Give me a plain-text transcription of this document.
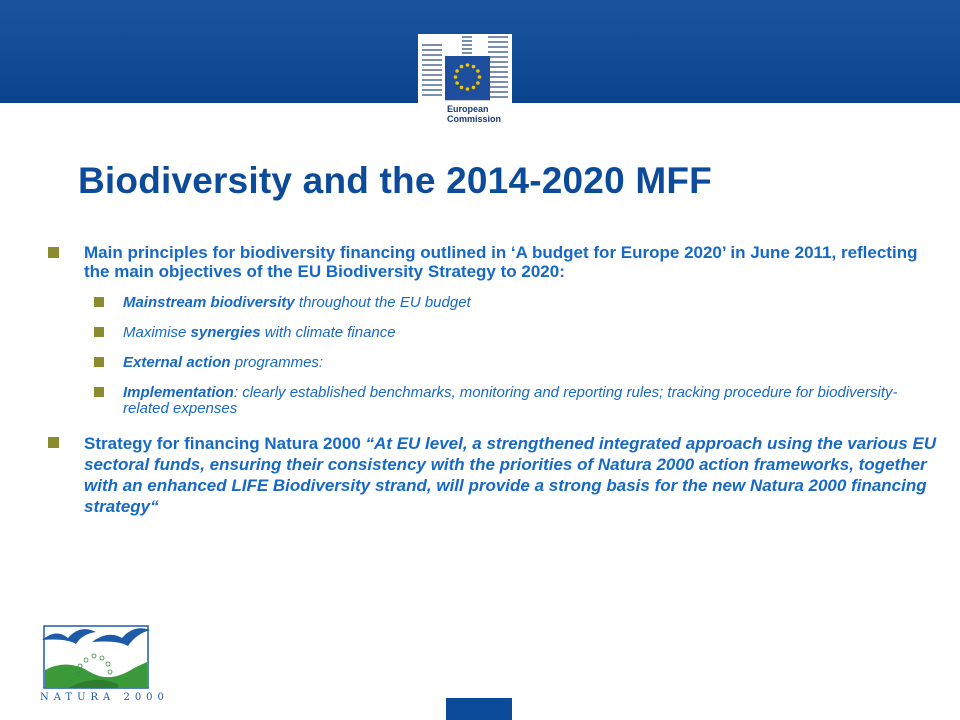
European
Commission
Biodiversity and the 2014-2020 MFF
Main principles for biodiversity financing outlined in ‘A budget for Europe 2020’ in June 2011, reflecting the main objectives of the EU Biodiversity Strategy to 2020:
Mainstream biodiversity throughout the EU budget
Maximise synergies with climate finance
External action programmes:
Implementation: clearly established benchmarks, monitoring and reporting rules; tracking procedure for biodiversity-related expenses
Strategy for financing Natura 2000 “At EU level, a strengthened integrated approach using the various EU sectoral funds, ensuring their consistency with the priorities of Natura 2000 action frameworks, together with an enhanced LIFE Biodiversity strand, will provide a strong basis for the new Natura 2000 financing strategy“
NATURA 2000
